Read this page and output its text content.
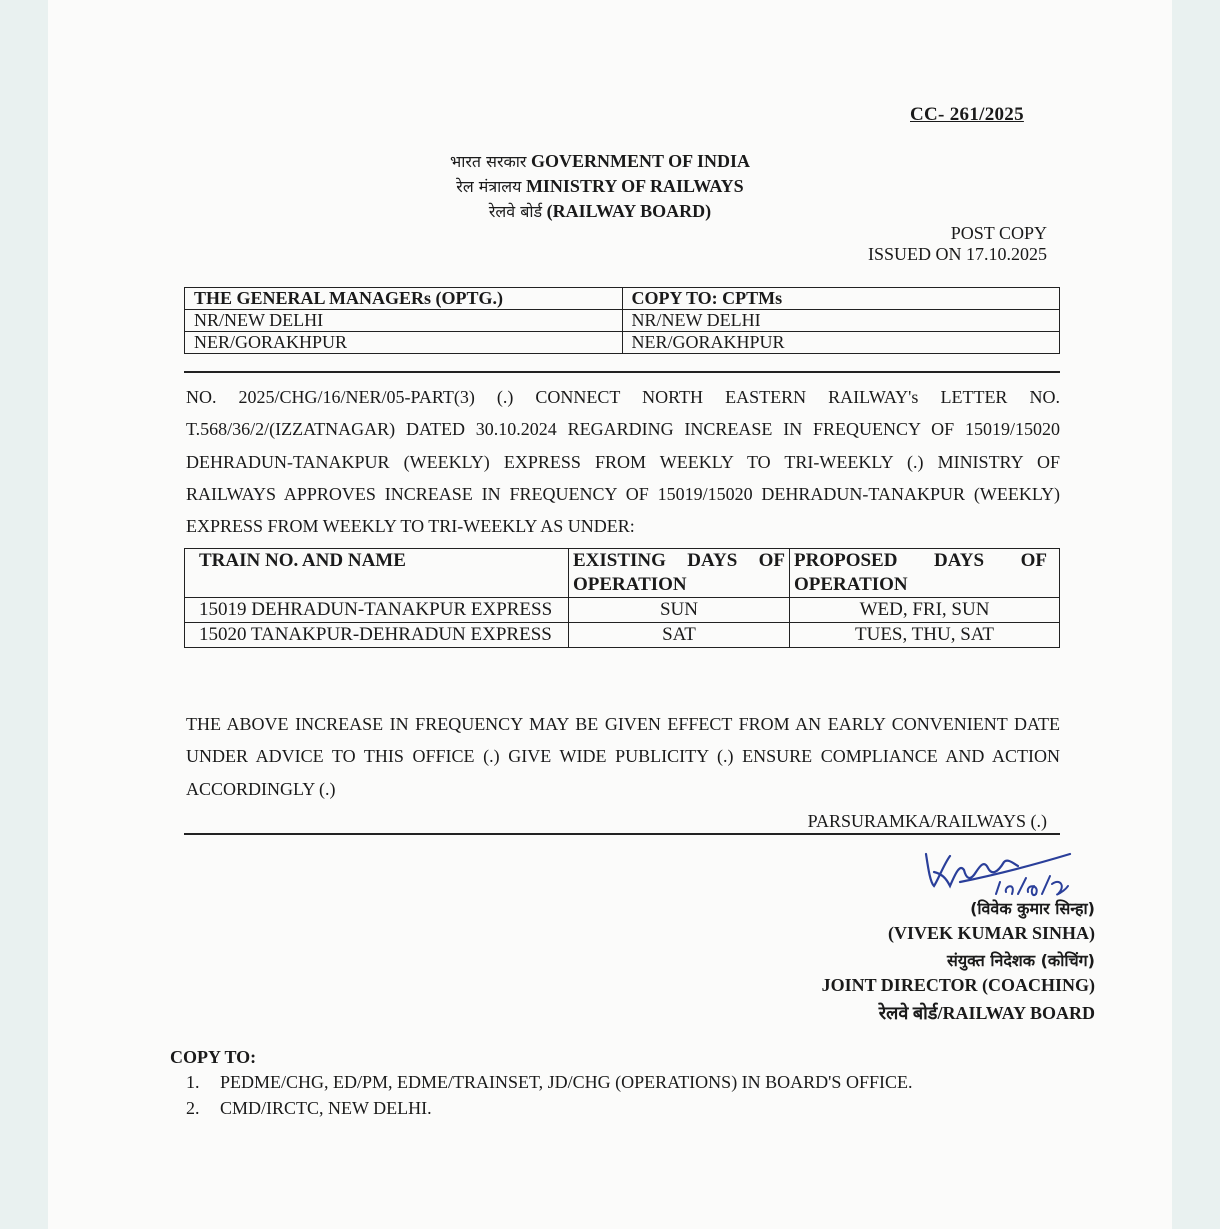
CC- 261/2025
भारत सरकार GOVERNMENT OF INDIA
रेल मंत्रालय MINISTRY OF RAILWAYS
रेलवे बोर्ड (RAILWAY BOARD)
POST COPY
ISSUED ON 17.10.2025
THE GENERAL MANAGERs (OPTG.)	COPY TO: CPTMs
NR/NEW DELHI	NR/NEW DELHI
NER/GORAKHPUR	NER/GORAKHPUR
NO. 2025/CHG/16/NER/05-PART(3) (.) CONNECT NORTH EASTERN RAILWAY's LETTER NO. T.568/36/2/(IZZATNAGAR) DATED 30.10.2024 REGARDING INCREASE IN FREQUENCY OF 15019/15020 DEHRADUN-TANAKPUR (WEEKLY) EXPRESS FROM WEEKLY TO TRI-WEEKLY (.) MINISTRY OF RAILWAYS APPROVES INCREASE IN FREQUENCY OF 15019/15020 DEHRADUN-TANAKPUR (WEEKLY) EXPRESS FROM WEEKLY TO TRI-WEEKLY AS UNDER:
TRAIN NO. AND NAME	EXISTING DAYS OF OPERATION	PROPOSED DAYS OF OPERATION
15019 DEHRADUN-TANAKPUR EXPRESS	SUN	WED, FRI, SUN
15020 TANAKPUR-DEHRADUN EXPRESS	SAT	TUES, THU, SAT
THE ABOVE INCREASE IN FREQUENCY MAY BE GIVEN EFFECT FROM AN EARLY CONVENIENT DATE UNDER ADVICE TO THIS OFFICE (.) GIVE WIDE PUBLICITY (.) ENSURE COMPLIANCE AND ACTION ACCORDINGLY (.)
PARSURAMKA/RAILWAYS (.)
(विवेक कुमार सिन्हा)
(VIVEK KUMAR SINHA)
संयुक्त निदेशक (कोचिंग)
JOINT DIRECTOR (COACHING)
रेलवे बोर्ड/RAILWAY BOARD
COPY TO:
1. PEDME/CHG, ED/PM, EDME/TRAINSET, JD/CHG (OPERATIONS) IN BOARD'S OFFICE.
2. CMD/IRCTC, NEW DELHI.
